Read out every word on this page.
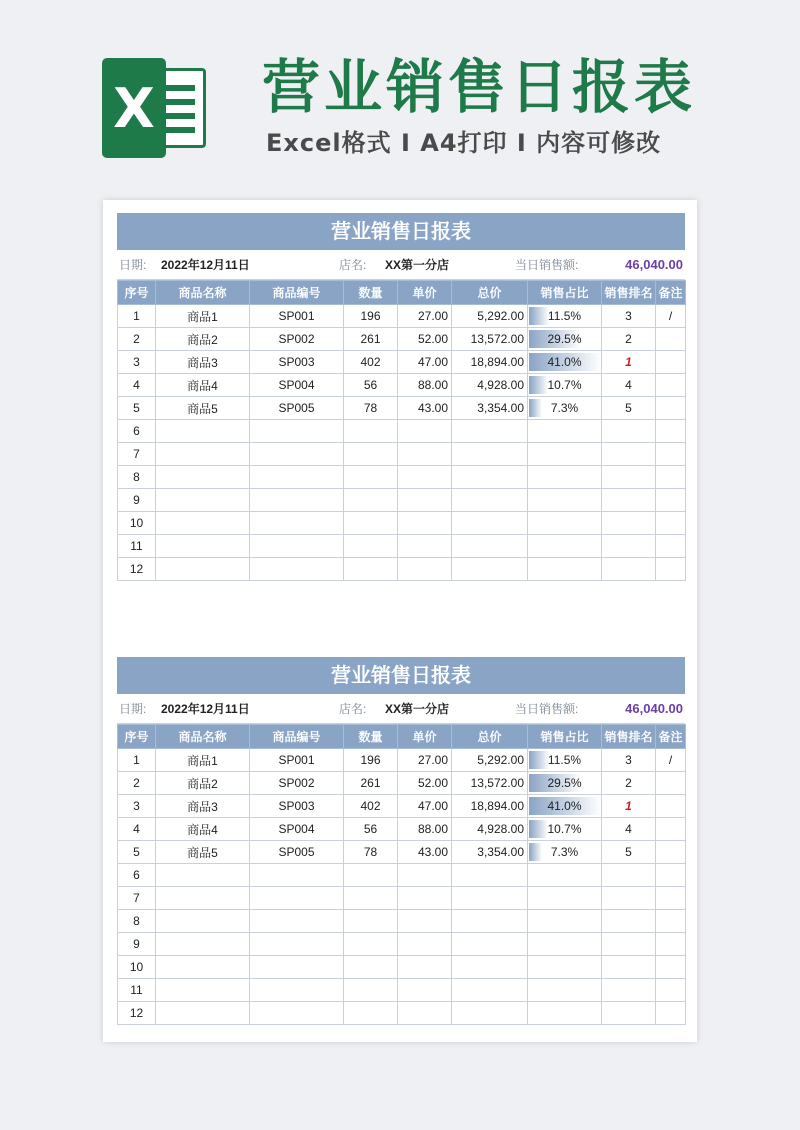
X 营业销售日报表
Excel格式 I A4打印 I 内容可修改
营业销售日报表
日期: 2022年12月11日	店名: XX第一分店	当日销售额:	46,040.00
序号	商品名称	商品编号	数量	单价	总价	销售占比	销售排名	备注
1	商品1	SP001	196	27.00	5,292.00	11.5%	3	/
2	商品2	SP002	261	52.00	13,572.00	29.5%	2	
3	商品3	SP003	402	47.00	18,894.00	41.0%	1	
4	商品4	SP004	56	88.00	4,928.00	10.7%	4	
5	商品5	SP005	78	43.00	3,354.00	7.3%	5	
6								
7								
8								
9								
10								
11								
12								
营业销售日报表
日期: 2022年12月11日	店名: XX第一分店	当日销售额:	46,040.00
序号	商品名称	商品编号	数量	单价	总价	销售占比	销售排名	备注
1	商品1	SP001	196	27.00	5,292.00	11.5%	3	/
2	商品2	SP002	261	52.00	13,572.00	29.5%	2	
3	商品3	SP003	402	47.00	18,894.00	41.0%	1	
4	商品4	SP004	56	88.00	4,928.00	10.7%	4	
5	商品5	SP005	78	43.00	3,354.00	7.3%	5	
6								
7								
8								
9								
10								
11								
12								
